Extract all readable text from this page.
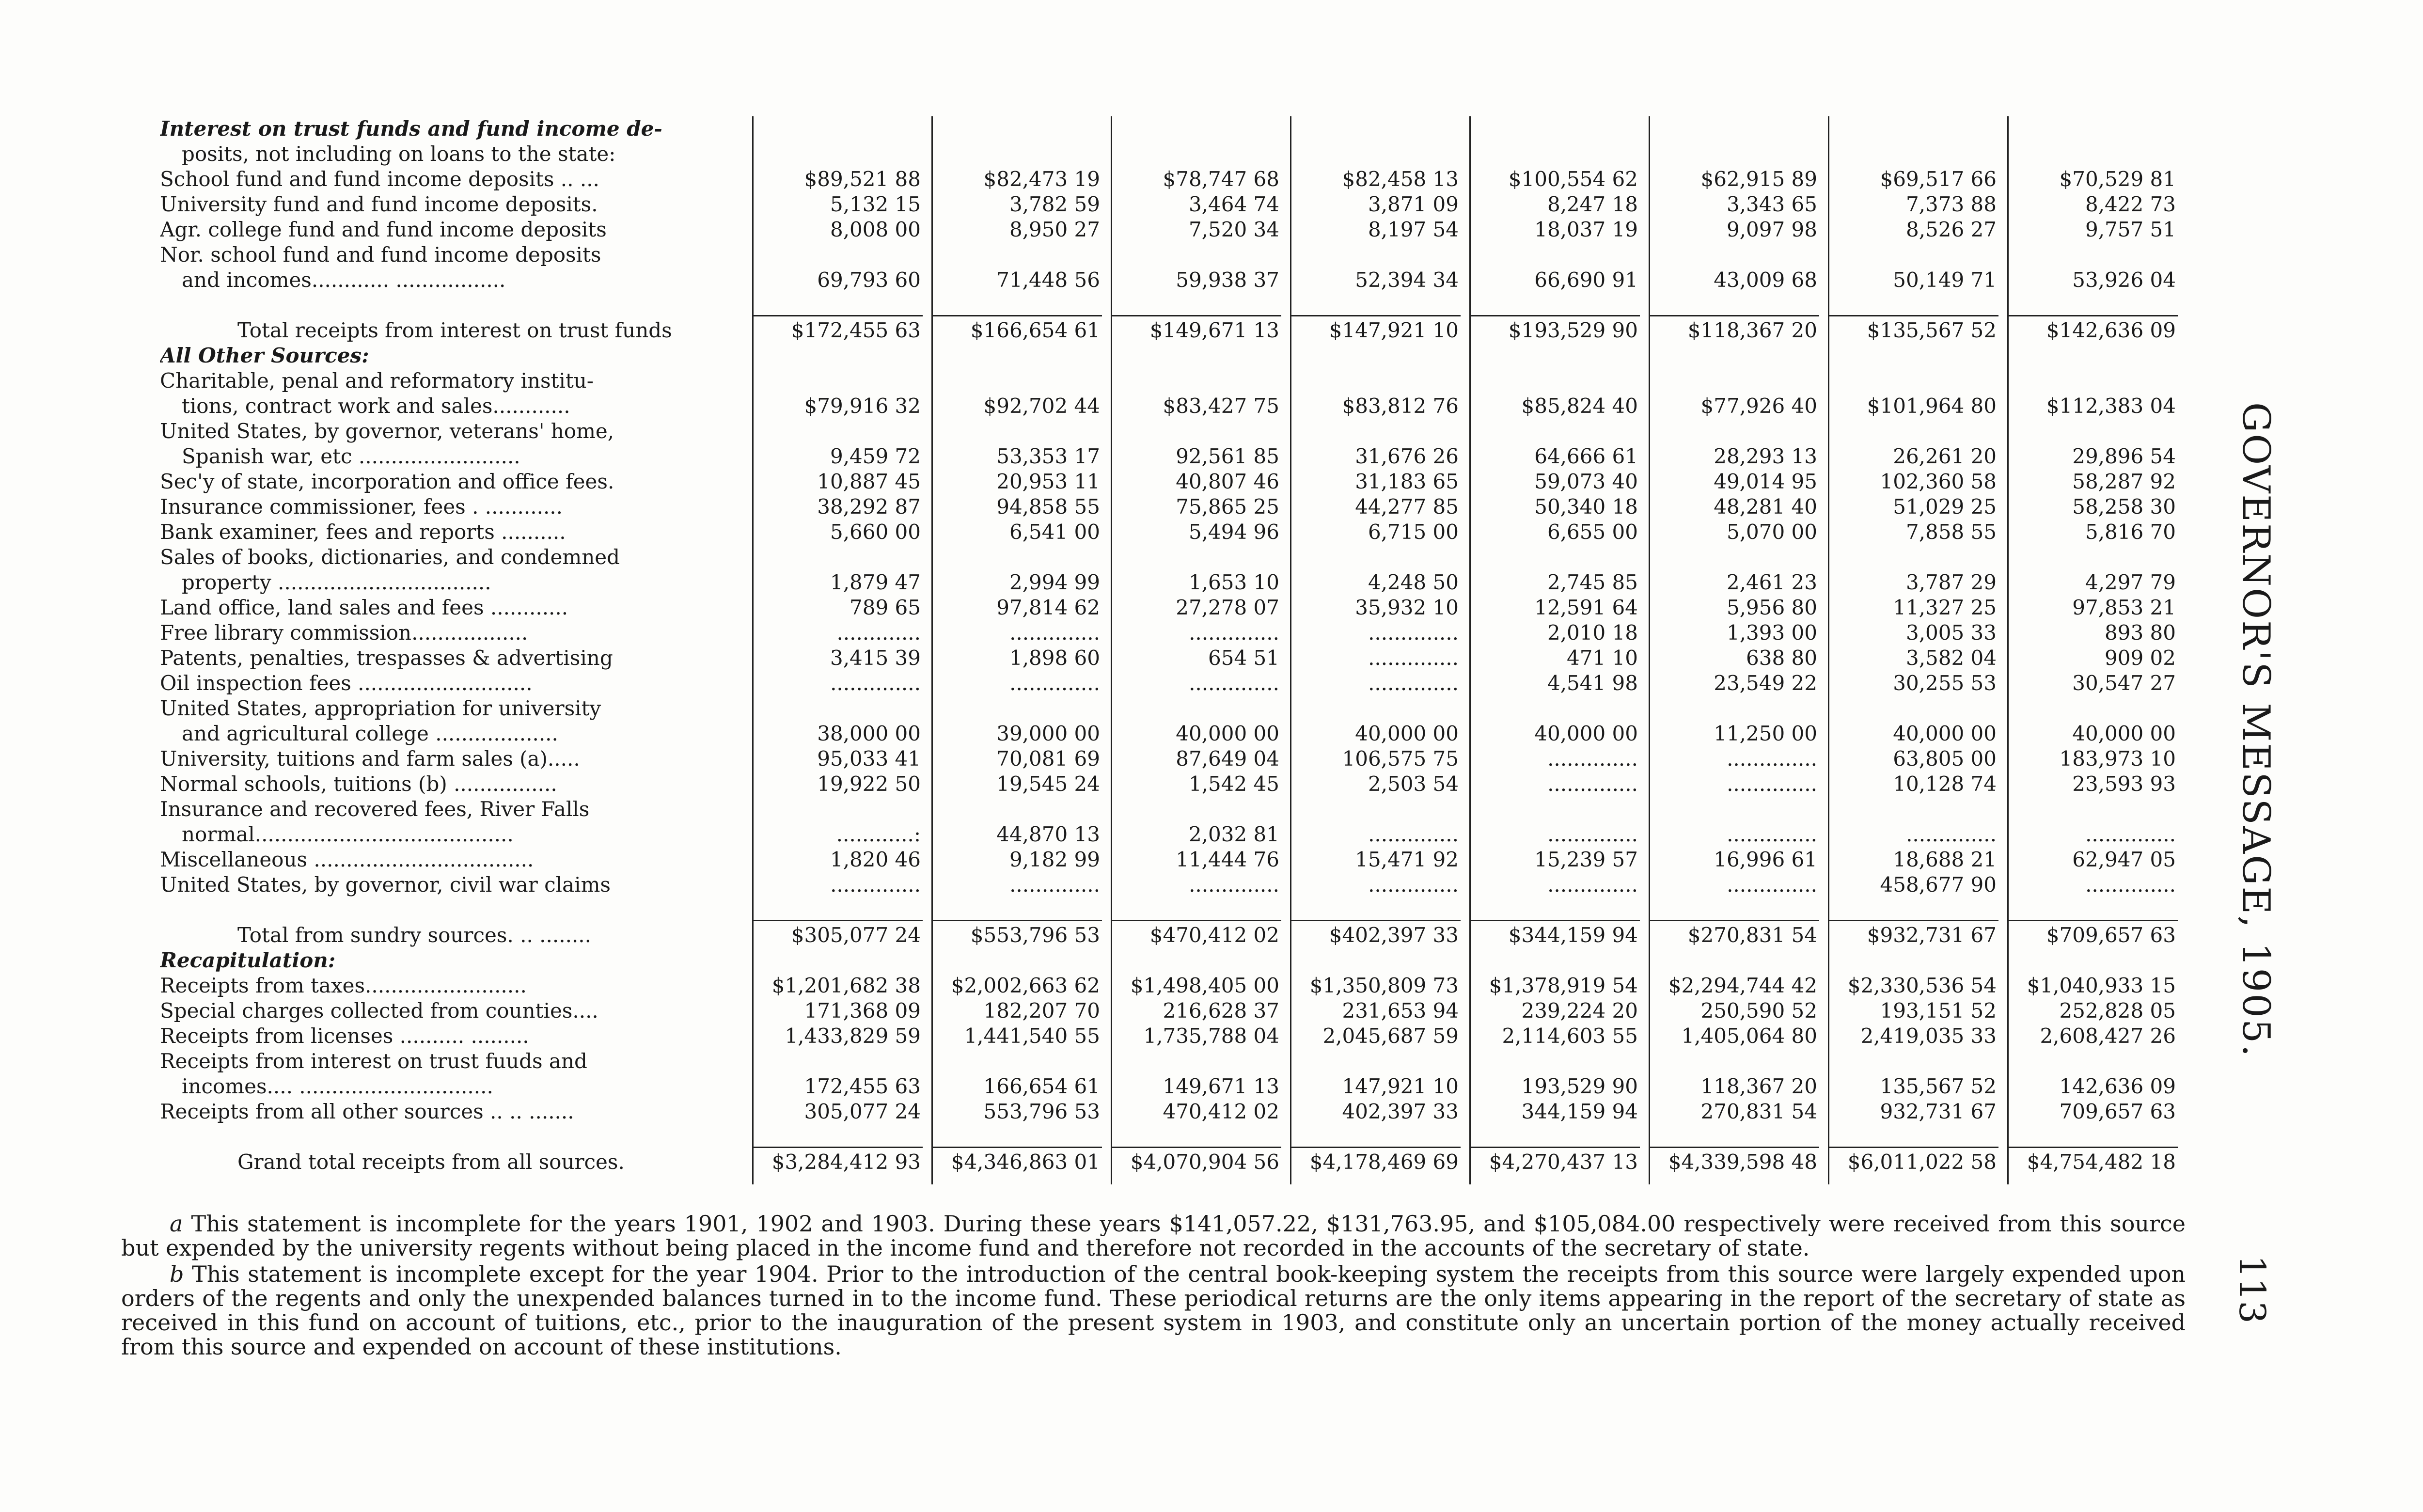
Interest on trust funds and fund income de-
posits, not including on loans to the state:
School fund and fund income deposits .. ...	$89,521 88	$82,473 19	$78,747 68	$82,458 13	$100,554 62	$62,915 89	$69,517 66	$70,529 81
University fund and fund income deposits.	5,132 15	3,782 59	3,464 74	3,871 09	8,247 18	3,343 65	7,373 88	8,422 73
Agr. college fund and fund income deposits	8,008 00	8,950 27	7,520 34	8,197 54	18,037 19	9,097 98	8,526 27	9,757 51
Nor. school fund and fund income deposits
and incomes............ .................	69,793 60	71,448 56	59,938 37	52,394 34	66,690 91	43,009 68	50,149 71	53,926 04
Total receipts from interest on trust funds	$172,455 63	$166,654 61	$149,671 13	$147,921 10	$193,529 90	$118,367 20	$135,567 52	$142,636 09
All Other Sources:
Charitable, penal and reformatory institu-
tions, contract work and sales............	$79,916 32	$92,702 44	$83,427 75	$83,812 76	$85,824 40	$77,926 40	$101,964 80	$112,383 04
United States, by governor, veterans' home,
Spanish war, etc .........................	9,459 72	53,353 17	92,561 85	31,676 26	64,666 61	28,293 13	26,261 20	29,896 54
Sec'y of state, incorporation and office fees.	10,887 45	20,953 11	40,807 46	31,183 65	59,073 40	49,014 95	102,360 58	58,287 92
Insurance commissioner, fees . ............	38,292 87	94,858 55	75,865 25	44,277 85	50,340 18	48,281 40	51,029 25	58,258 30
Bank examiner, fees and reports ..........	5,660 00	6,541 00	5,494 96	6,715 00	6,655 00	5,070 00	7,858 55	5,816 70
Sales of books, dictionaries, and condemned
property .................................	1,879 47	2,994 99	1,653 10	4,248 50	2,745 85	2,461 23	3,787 29	4,297 79
Land office, land sales and fees ............	789 65	97,814 62	27,278 07	35,932 10	12,591 64	5,956 80	11,327 25	97,853 21
Free library commission..................	.............	..............	..............	..............	2,010 18	1,393 00	3,005 33	893 80
Patents, penalties, trespasses & advertising	3,415 39	1,898 60	654 51	..............	471 10	638 80	3,582 04	909 02
Oil inspection fees ...........................	..............	..............	..............	..............	4,541 98	23,549 22	30,255 53	30,547 27
United States, appropriation for university
and agricultural college ...................	38,000 00	39,000 00	40,000 00	40,000 00	40,000 00	11,250 00	40,000 00	40,000 00
University, tuitions and farm sales (a).....	95,033 41	70,081 69	87,649 04	106,575 75	..............	..............	63,805 00	183,973 10
Normal schools, tuitions (b) ................	19,922 50	19,545 24	1,542 45	2,503 54	..............	..............	10,128 74	23,593 93
Insurance and recovered fees, River Falls
normal........................................	............:	44,870 13	2,032 81	..............	..............	..............	..............	..............
Miscellaneous ..................................	1,820 46	9,182 99	11,444 76	15,471 92	15,239 57	16,996 61	18,688 21	62,947 05
United States, by governor, civil war claims	..............	..............	..............	..............	..............	..............	458,677 90	..............
Total from sundry sources. .. ........	$305,077 24	$553,796 53	$470,412 02	$402,397 33	$344,159 94	$270,831 54	$932,731 67	$709,657 63
Recapitulation:
Receipts from taxes.........................	$1,201,682 38	$2,002,663 62	$1,498,405 00	$1,350,809 73	$1,378,919 54	$2,294,744 42	$2,330,536 54	$1,040,933 15
Special charges collected from counties....	171,368 09	182,207 70	216,628 37	231,653 94	239,224 20	250,590 52	193,151 52	252,828 05
Receipts from licenses .......... .........	1,433,829 59	1,441,540 55	1,735,788 04	2,045,687 59	2,114,603 55	1,405,064 80	2,419,035 33	2,608,427 26
Receipts from interest on trust fuuds and
incomes.... ..............................	172,455 63	166,654 61	149,671 13	147,921 10	193,529 90	118,367 20	135,567 52	142,636 09
Receipts from all other sources .. .. .......	305,077 24	553,796 53	470,412 02	402,397 33	344,159 94	270,831 54	932,731 67	709,657 63
Grand total receipts from all sources.	$3,284,412 93	$4,346,863 01	$4,070,904 56	$4,178,469 69	$4,270,437 13	$4,339,598 48	$6,011,022 58	$4,754,482 18
GOVERNOR'S MESSAGE, 1905.
113

a This statement is incomplete for the years 1901, 1902 and 1903. During these years $141,057.22, $131,763.95, and $105,084.00 respectively were received from this source but expended by the university regents without being placed in the income fund and therefore not recorded in the accounts of the secretary of state.

b This statement is incomplete except for the year 1904. Prior to the introduction of the central book-keeping system the receipts from this source were largely expended upon orders of the regents and only the unexpended balances turned in to the income fund. These periodical returns are the only items appearing in the report of the secretary of state as received in this fund on account of tuitions, etc., prior to the inauguration of the present system in 1903, and constitute only an uncertain portion of the money actually received from this source and expended on account of these institutions.
